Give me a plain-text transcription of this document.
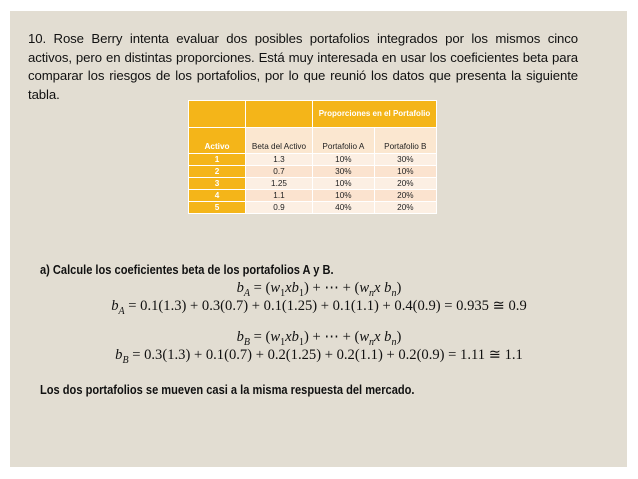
10. Rose Berry intenta evaluar dos posibles portafolios integrados por los mismos cinco activos, pero en distintas proporciones. Está muy interesada en usar los coeficientes beta para comparar los riesgos de los portafolios, por lo que reunió los datos que presenta la siguiente tabla.
		Proporciones en el Portafolio	
Activo	Beta del Activo	Portafolio A	Portafolio B
1	1.3	10%	30%
2	0.7	30%	10%
3	1.25	10%	20%
4	1.1	10%	20%
5	0.9	40%	20%
a) Calcule los coeficientes beta de los portafolios A y B.
$b_A = (w_1xb_1)$ + ⋯ + ($w_nx$ $b_n$)
$b_A = 0.1(1.3) + 0.3(0.7) + 0.1(1.25) + 0.1(1.1) + 0.4(0.9) = 0.935$ ≅ 0.9
$b_B = (w_1xb_1)$ + ⋯ + ($w_nx$ $b_n$)
$b_B = 0.3(1.3) + 0.1(0.7) + 0.2(1.25) + 0.2(1.1) + 0.2(0.9) = 1.11$ ≅ 1.1
Los dos portafolios se mueven casi a la misma respuesta del mercado.
